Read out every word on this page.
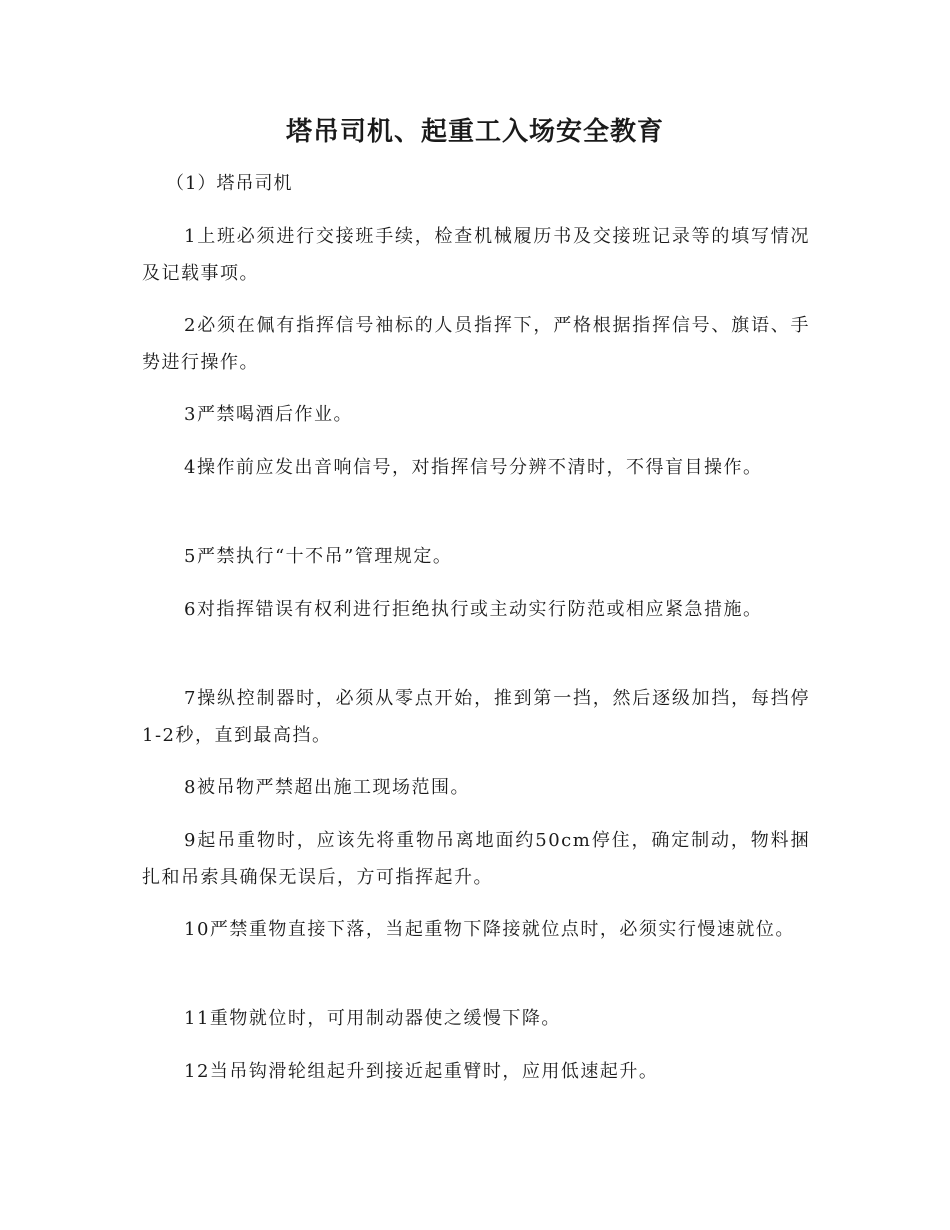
塔吊司机、起重工入场安全教育

（1）塔吊司机

1上班必须进行交接班手续，检查机械履历书及交接班记录等的填写情况及记载事项。

2必须在佩有指挥信号袖标的人员指挥下，严格根据指挥信号、旗语、手势进行操作。

3严禁喝酒后作业。

4操作前应发出音响信号，对指挥信号分辨不清时，不得盲目操作。

5严禁执行“十不吊”管理规定。

6对指挥错误有权利进行拒绝执行或主动实行防范或相应紧急措施。

7操纵控制器时，必须从零点开始，推到第一挡，然后逐级加挡，每挡停1-2秒，直到最高挡。

8被吊物严禁超出施工现场范围。

9起吊重物时，应该先将重物吊离地面约50cm停住，确定制动，物料捆扎和吊索具确保无误后，方可指挥起升。

10严禁重物直接下落，当起重物下降接就位点时，必须实行慢速就位。

11重物就位时，可用制动器使之缓慢下降。

12当吊钩滑轮组起升到接近起重臂时，应用低速起升。
